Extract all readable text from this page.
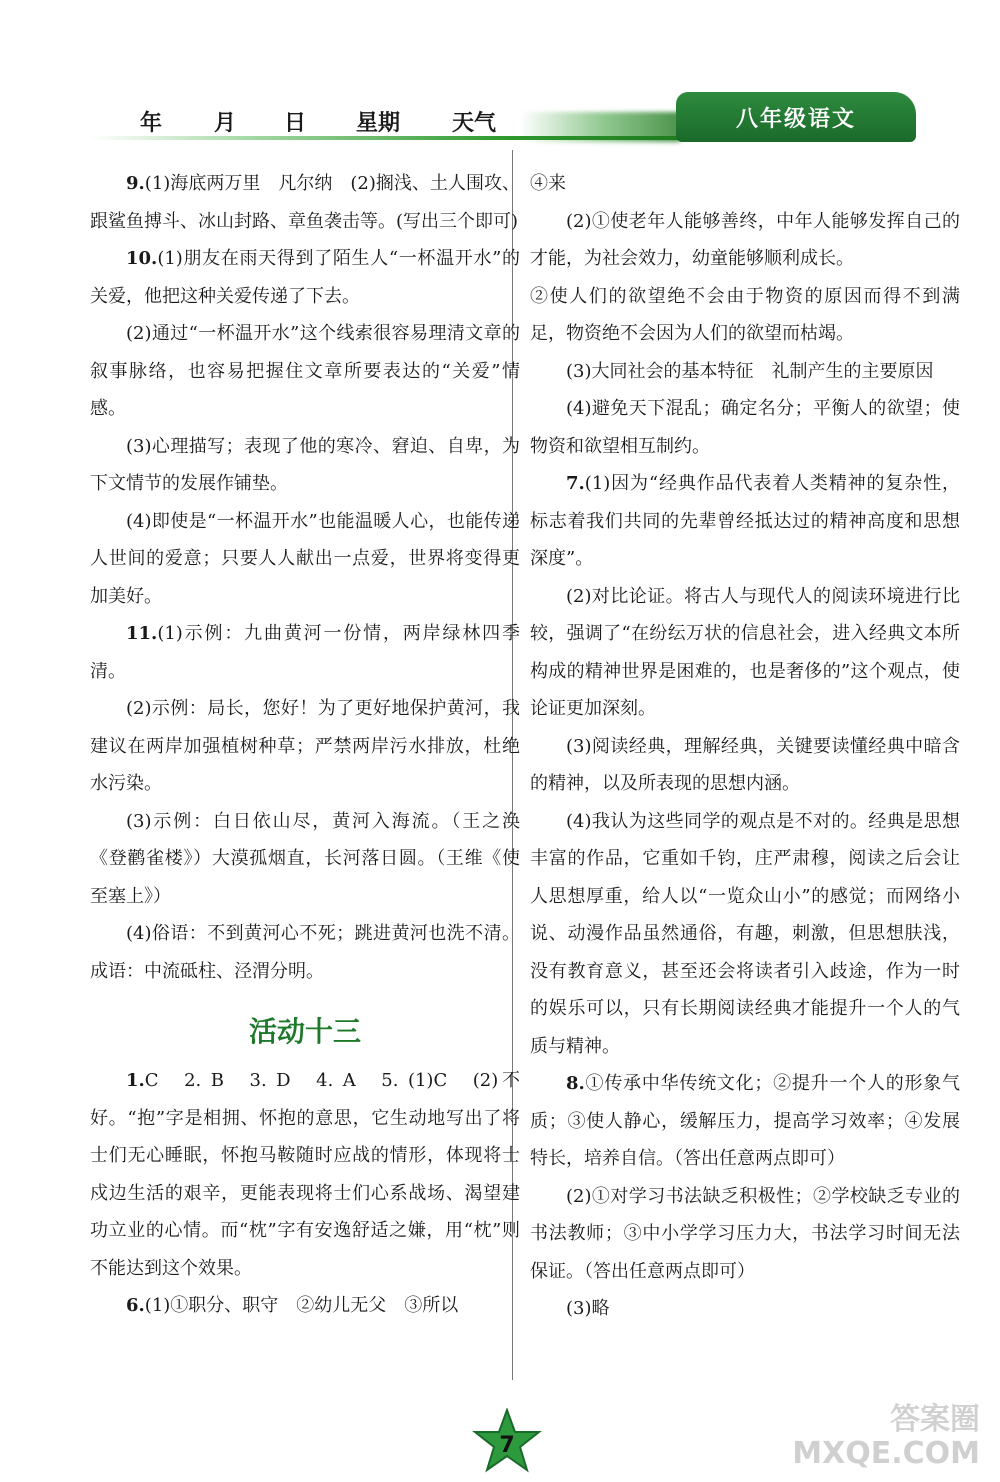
年	月	日	星期	天气	八年级语文

9.(1)海底两万里　凡尔纳　(2)搁浅、土人围攻、跟鲨鱼搏斗、冰山封路、章鱼袭击等。(写出三个即可)

10.(1)朋友在雨天得到了陌生人“一杯温开水”的关爱，他把这种关爱传递了下去。

(2)通过“一杯温开水”这个线索很容易理清文章的叙事脉络，也容易把握住文章所要表达的“关爱”情感。

(3)心理描写；表现了他的寒冷、窘迫、自卑，为下文情节的发展作铺垫。

(4)即使是“一杯温开水”也能温暖人心，也能传递人世间的爱意；只要人人献出一点爱，世界将变得更加美好。

11.(1)示例：九曲黄河一份情，两岸绿林四季清。

(2)示例：局长，您好！为了更好地保护黄河，我建议在两岸加强植树种草；严禁两岸污水排放，杜绝水污染。

(3)示例：白日依山尽，黄河入海流。（王之涣《登鹳雀楼》）大漠孤烟直，长河落日圆。（王维《使至塞上》）

(4)俗语：不到黄河心不死；跳进黄河也洗不清。成语：中流砥柱、泾渭分明。

活动十三

1.C　2. B　3. D　4. A　5. (1)C　(2)不好。“抱”字是相拥、怀抱的意思，它生动地写出了将士们无心睡眠，怀抱马鞍随时应战的情形，体现将士戍边生活的艰辛，更能表现将士们心系战场、渴望建功立业的心情。而“枕”字有安逸舒适之嫌，用“枕”则不能达到这个效果。

6.(1)①职分、职守　②幼儿无父　③所以

④来

(2)①使老年人能够善终，中年人能够发挥自己的才能，为社会效力，幼童能够顺利成长。

②使人们的欲望绝不会由于物资的原因而得不到满足，物资绝不会因为人们的欲望而枯竭。

(3)大同社会的基本特征　礼制产生的主要原因

(4)避免天下混乱；确定名分；平衡人的欲望；使物资和欲望相互制约。

7.(1)因为“经典作品代表着人类精神的复杂性，标志着我们共同的先辈曾经抵达过的精神高度和思想深度”。

(2)对比论证。将古人与现代人的阅读环境进行比较，强调了“在纷纭万状的信息社会，进入经典文本所构成的精神世界是困难的，也是奢侈的”这个观点，使论证更加深刻。

(3)阅读经典，理解经典，关键要读懂经典中暗含的精神，以及所表现的思想内涵。

(4)我认为这些同学的观点是不对的。经典是思想丰富的作品，它重如千钧，庄严肃穆，阅读之后会让人思想厚重，给人以“一览众山小”的感觉；而网络小说、动漫作品虽然通俗，有趣，刺激，但思想肤浅，没有教育意义，甚至还会将读者引入歧途，作为一时的娱乐可以，只有长期阅读经典才能提升一个人的气质与精神。

8.①传承中华传统文化；②提升一个人的形象气质；③使人静心，缓解压力，提高学习效率；④发展特长，培养自信。（答出任意两点即可）

(2)①对学习书法缺乏积极性；②学校缺乏专业的书法教师；③中小学学习压力大，书法学习时间无法保证。（答出任意两点即可）

(3)略

7
答案圈
MXQE.COM
